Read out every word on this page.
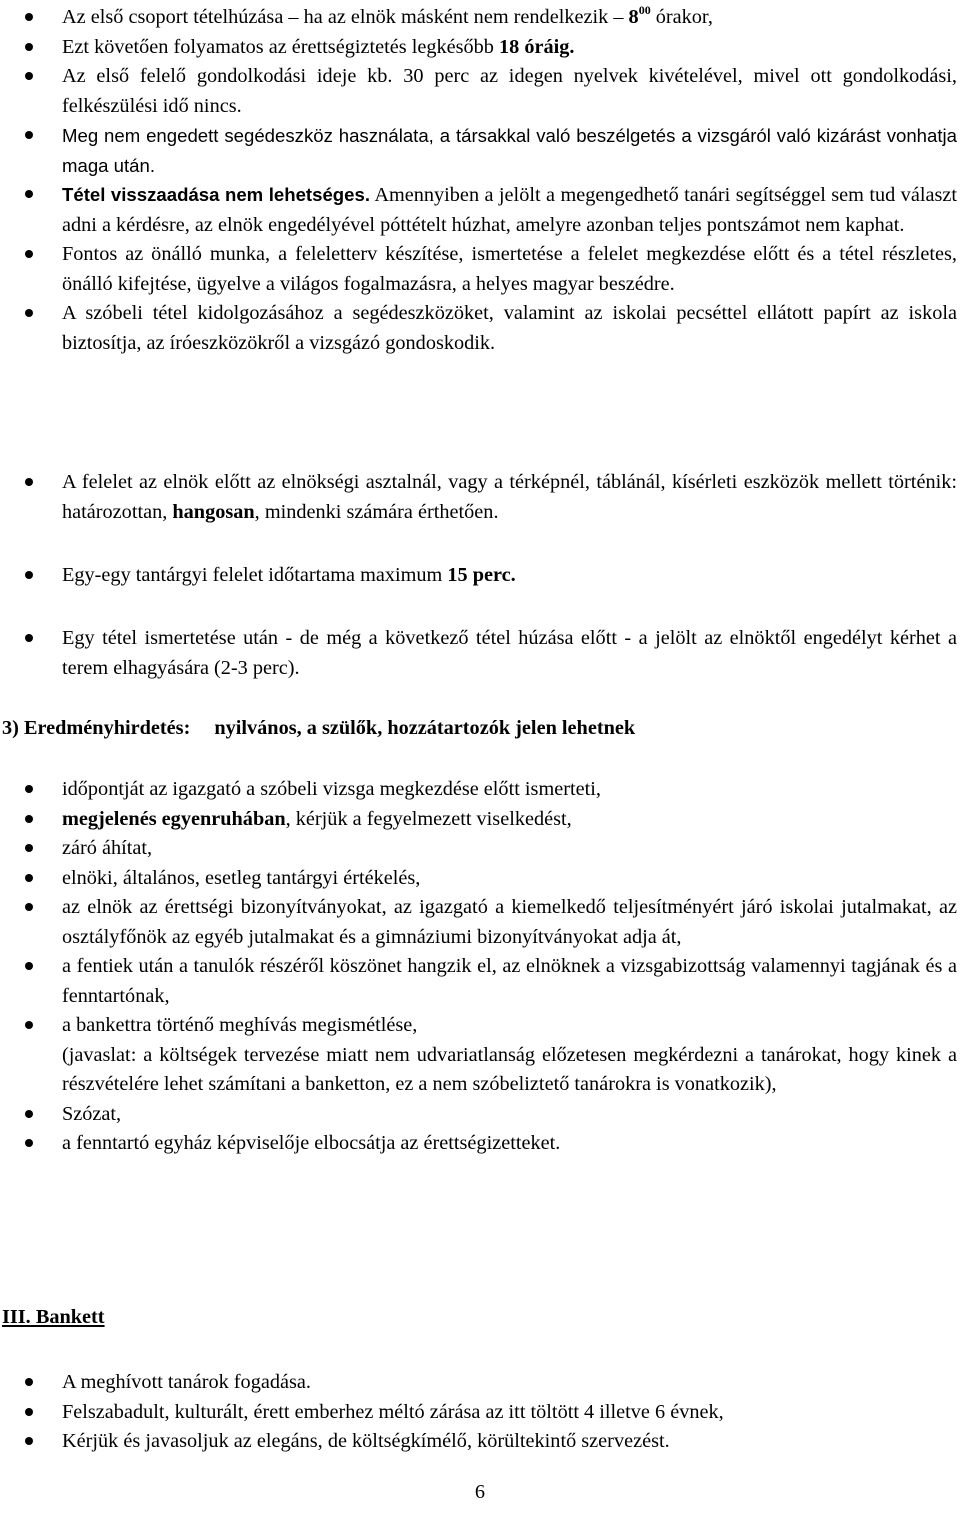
Az első csoport tételhúzása – ha az elnök másként nem rendelkezik – $8^{00}$ órakor,
Ezt követően folyamatos az érettségiztetés legkésőbb 18 óráig.
Az első felelő gondolkodási ideje kb. 30 perc az idegen nyelvek kivételével, mivel ott gondolkodási, felkészülési idő nincs.
Meg nem engedett segédeszköz használata, a társakkal való beszélgetés a vizsgáról való kizárást vonhatja maga után.
Tétel visszaadása nem lehetséges. Amennyiben a jelölt a megengedhető tanári segítséggel sem tud választ adni a kérdésre, az elnök engedélyével póttételt húzhat, amelyre azonban teljes pontszámot nem kaphat.
Fontos az önálló munka, a feleletterv készítése, ismertetése a felelet megkezdése előtt és a tétel részletes, önálló kifejtése, ügyelve a világos fogalmazásra, a helyes magyar beszédre.
A szóbeli tétel kidolgozásához a segédeszközöket, valamint az iskolai pecséttel ellátott papírt az iskola biztosítja, az íróeszközökről a vizsgázó gondoskodik.
A felelet az elnök előtt az elnökségi asztalnál, vagy a térképnél, táblánál, kísérleti eszközök mellett történik: határozottan, hangosan, mindenki számára érthetően.
Egy-egy tantárgyi felelet időtartama maximum 15 perc.
Egy tétel ismertetése után - de még a következő tétel húzása előtt - a jelölt az elnöktől engedélyt kérhet a terem elhagyására (2-3 perc).
3) Eredményhirdetés: nyilvános, a szülők, hozzátartozók jelen lehetnek
időpontját az igazgató a szóbeli vizsga megkezdése előtt ismerteti,
megjelenés egyenruhában, kérjük a fegyelmezett viselkedést,
záró áhítat,
elnöki, általános, esetleg tantárgyi értékelés,
az elnök az érettségi bizonyítványokat, az igazgató a kiemelkedő teljesítményért járó iskolai jutalmakat, az osztályfőnök az egyéb jutalmakat és a gimnáziumi bizonyítványokat adja át,
a fentiek után a tanulók részéről köszönet hangzik el, az elnöknek a vizsgabizottság valamennyi tagjának és a fenntartónak,
a bankettra történő meghívás megismétlése,
(javaslat: a költségek tervezése miatt nem udvariatlanság előzetesen megkérdezni a tanárokat, hogy kinek a részvételére lehet számítani a banketton, ez a nem szóbeliztető tanárokra is vonatkozik),
Szózat,
a fenntartó egyház képviselője elbocsátja az érettségizetteket.
III. Bankett
A meghívott tanárok fogadása.
Felszabadult, kulturált, érett emberhez méltó zárása az itt töltött 4 illetve 6 évnek,
Kérjük és javasoljuk az elegáns, de költségkímélő, körültekintő szervezést.
6
